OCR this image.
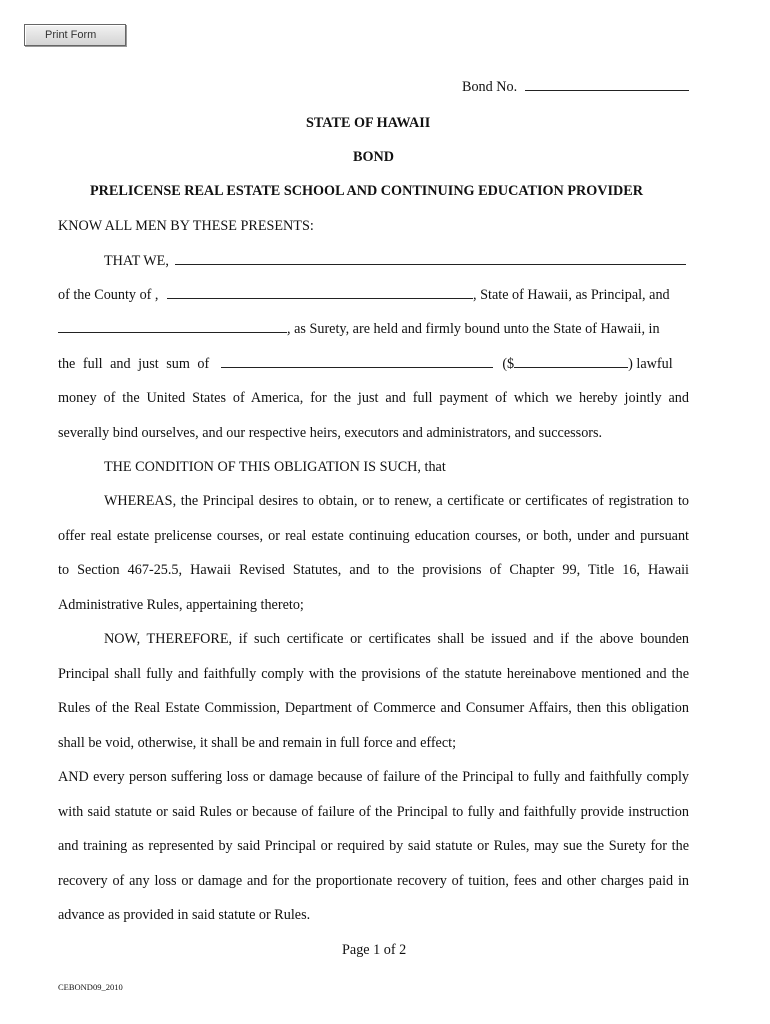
Print Form
Bond No.
STATE OF HAWAII
BOND
PRELICENSE REAL ESTATE SCHOOL AND CONTINUING EDUCATION PROVIDER
KNOW ALL MEN BY THESE PRESENTS:
THAT WE,
of the County of ,	, State of Hawaii, as Principal, and
, as Surety, are held and firmly bound unto the State of Hawaii, in
the full and just sum of	($	) lawful
money of the United States of America, for the just and full payment of which we hereby jointly and
severally bind ourselves, and our respective heirs, executors and administrators, and successors.
THE CONDITION OF THIS OBLIGATION IS SUCH, that
WHEREAS, the Principal desires to obtain, or to renew, a certificate or certificates of registration to
offer real estate prelicense courses, or real estate continuing education courses, or both, under and pursuant
to Section 467-25.5, Hawaii Revised Statutes, and to the provisions of Chapter 99, Title 16, Hawaii
Administrative Rules, appertaining thereto;
NOW, THEREFORE, if such certificate or certificates shall be issued and if the above bounden
Principal shall fully and faithfully comply with the provisions of the statute hereinabove mentioned and the
Rules of the Real Estate Commission, Department of Commerce and Consumer Affairs, then this obligation
shall be void, otherwise, it shall be and remain in full force and effect;
AND every person suffering loss or damage because of failure of the Principal to fully and faithfully comply
with said statute or said Rules or because of failure of the Principal to fully and faithfully provide instruction
and training as represented by said Principal or required by said statute or Rules, may sue the Surety for the
recovery of any loss or damage and for the proportionate recovery of tuition, fees and other charges paid in
advance as provided in said statute or Rules.
Page 1 of 2
CEBOND09_2010
